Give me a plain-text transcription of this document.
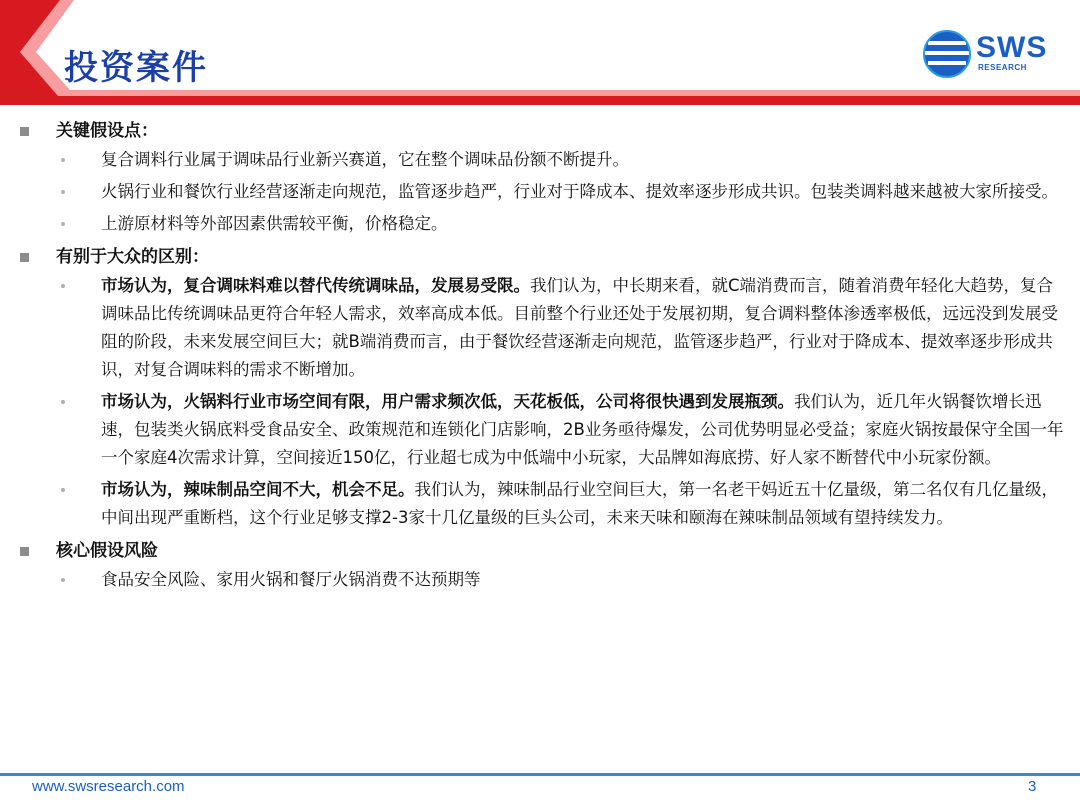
投资案件
SWS
RESEARCH
关键假设点：
复合调料行业属于调味品行业新兴赛道，它在整个调味品份额不断提升。
火锅行业和餐饮行业经营逐渐走向规范，监管逐步趋严，行业对于降成本、提效率逐步形成共识。包装类调料越来越被大家所接受。
上游原材料等外部因素供需较平衡，价格稳定。
有别于大众的区别：
市场认为，复合调味料难以替代传统调味品，发展易受限。我们认为，中长期来看，就C端消费而言，随着消费年轻化大趋势，复合调味品比传统调味品更符合年轻人需求，效率高成本低。目前整个行业还处于发展初期，复合调料整体渗透率极低，远远没到发展受阻的阶段，未来发展空间巨大；就B端消费而言，由于餐饮经营逐渐走向规范，监管逐步趋严，行业对于降成本、提效率逐步形成共识，对复合调味料的需求不断增加。
市场认为，火锅料行业市场空间有限，用户需求频次低，天花板低，公司将很快遇到发展瓶颈。我们认为，近几年火锅餐饮增长迅速，包装类火锅底料受食品安全、政策规范和连锁化门店影响，2B业务亟待爆发，公司优势明显必受益；家庭火锅按最保守全国一年一个家庭4次需求计算，空间接近150亿，行业超七成为中低端中小玩家，大品牌如海底捞、好人家不断替代中小玩家份额。
市场认为，辣味制品空间不大，机会不足。我们认为，辣味制品行业空间巨大，第一名老干妈近五十亿量级，第二名仅有几亿量级，中间出现严重断档，这个行业足够支撑2-3家十几亿量级的巨头公司，未来天味和颐海在辣味制品领域有望持续发力。
核心假设风险
食品安全风险、家用火锅和餐厅火锅消费不达预期等
www.swsresearch.com	3
